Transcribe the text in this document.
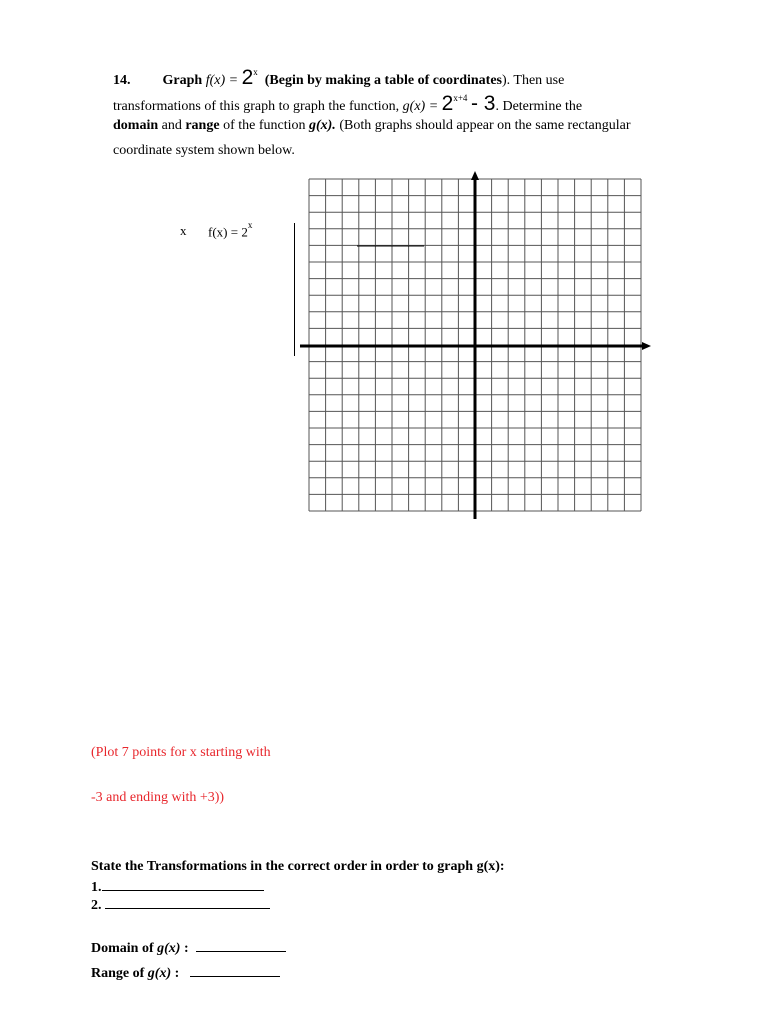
14. Graph $f(x) = 2^x$  (Begin by making a table of coordinates). Then use
transformations of this graph to graph the function, $g(x) = 2^{x+4} - 3$. Determine the
domain and range of the function g(x). (Both graphs should appear on the same rectangular
coordinate system shown below.
x $f(x) = 2^x$
(Plot 7 points for x starting with
-3 and ending with +3))
State the Transformations in the correct order in order to graph g(x):
1.
2.
Domain of g(x) :
Range of g(x) :
